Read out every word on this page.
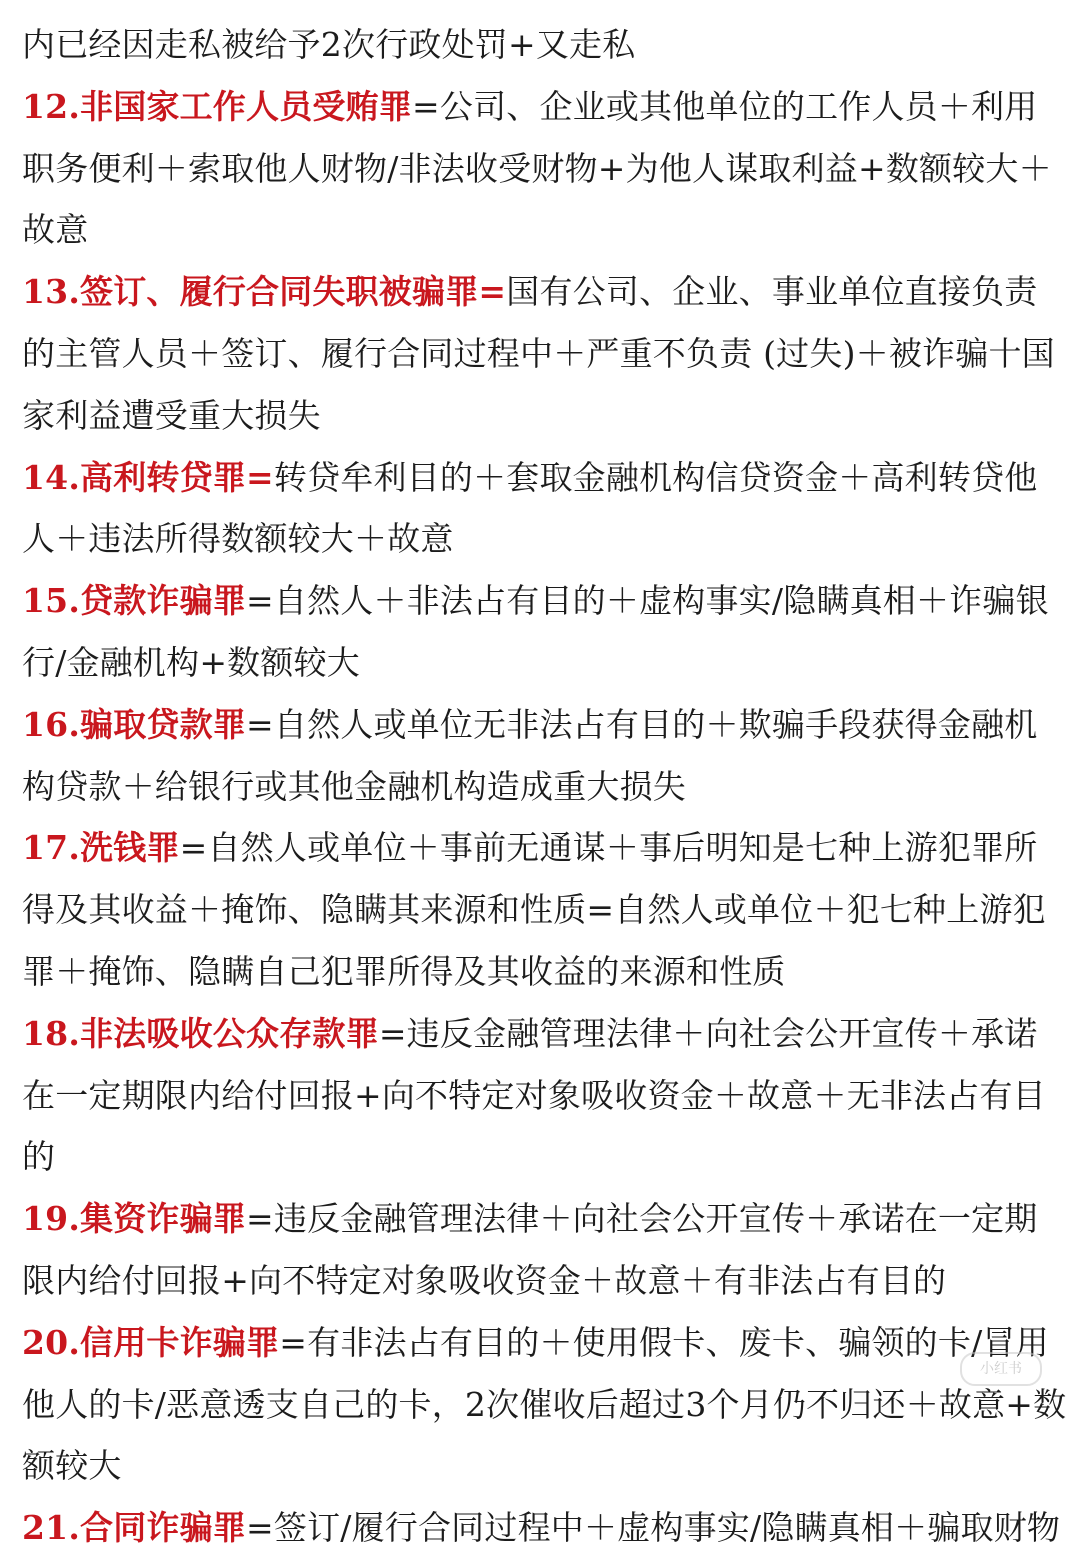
内已经因走私被给予2次行政处罚+又走私
12.非国家工作人员受贿罪=公司、企业或其他单位的工作人员＋利用职务便利＋索取他人财物/非法收受财物+为他人谋取利益+数额较大＋故意
13.签订、履行合同失职被骗罪=国有公司、企业、事业单位直接负责的主管人员＋签订、履行合同过程中＋严重不负责 (过失)＋被诈骗十国家利益遭受重大损失
14.高利转贷罪=转贷牟利目的＋套取金融机构信贷资金＋高利转贷他人＋违法所得数额较大＋故意
15.贷款诈骗罪=自然人＋非法占有目的＋虚构事实/隐瞒真相＋诈骗银行/金融机构+数额较大
16.骗取贷款罪=自然人或单位无非法占有目的＋欺骗手段获得金融机构贷款＋给银行或其他金融机构造成重大损失
17.洗钱罪=自然人或单位＋事前无通谋＋事后明知是七种上游犯罪所得及其收益＋掩饰、隐瞒其来源和性质=自然人或单位＋犯七种上游犯罪＋掩饰、隐瞒自己犯罪所得及其收益的来源和性质
18.非法吸收公众存款罪=违反金融管理法律＋向社会公开宣传＋承诺在一定期限内给付回报+向不特定对象吸收资金＋故意＋无非法占有目的
19.集资诈骗罪=违反金融管理法律＋向社会公开宣传＋承诺在一定期限内给付回报+向不特定对象吸收资金＋故意＋有非法占有目的
20.信用卡诈骗罪=有非法占有目的＋使用假卡、废卡、骗领的卡/冒用他人的卡/恶意透支自己的卡，2次催收后超过3个月仍不归还＋故意+数额较大
21.合同诈骗罪=签订/履行合同过程中＋虚构事实/隐瞒真相＋骗取财物
小红书
